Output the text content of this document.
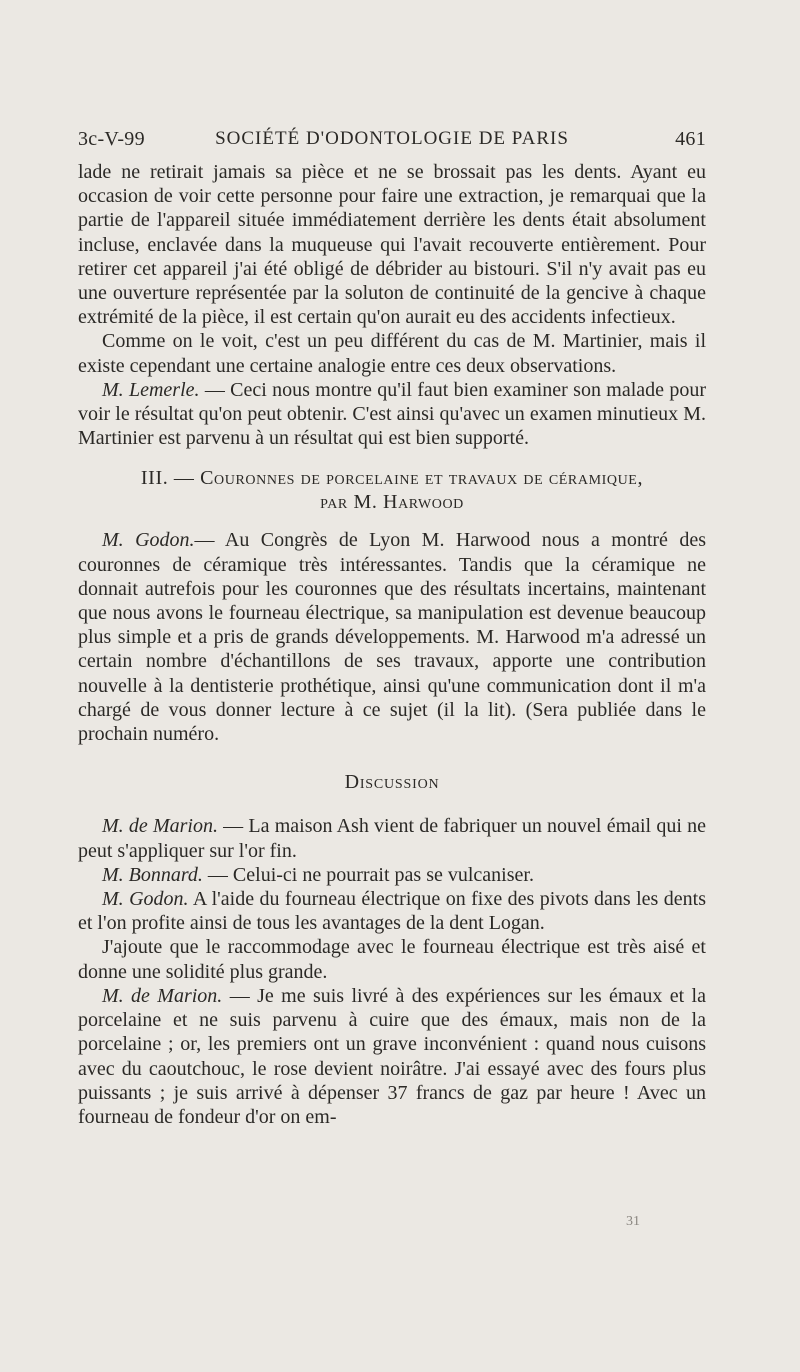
3c-V-99	SOCIÉTÉ D'ODONTOLOGIE DE PARIS	461

lade ne retirait jamais sa pièce et ne se brossait pas les dents. Ayant eu occasion de voir cette personne pour faire une extraction, je remarquai que la partie de l'appareil située immédiatement derrière les dents était absolument incluse, enclavée dans la muqueuse qui l'avait recouverte entièrement. Pour retirer cet appareil j'ai été obligé de débrider au bistouri. S'il n'y avait pas eu une ouverture représentée par la soluton de continuité de la gencive à chaque extrémité de la pièce, il est certain qu'on aurait eu des accidents infectieux.

Comme on le voit, c'est un peu différent du cas de M. Martinier, mais il existe cependant une certaine analogie entre ces deux observations.

M. Lemerle. — Ceci nous montre qu'il faut bien examiner son malade pour voir le résultat qu'on peut obtenir. C'est ainsi qu'avec un examen minutieux M. Martinier est parvenu à un résultat qui est bien supporté.

III. — Couronnes de porcelaine et travaux de céramique,
par M. Harwood

M. Godon.— Au Congrès de Lyon M. Harwood nous a montré des couronnes de céramique très intéressantes. Tandis que la céramique ne donnait autrefois pour les couronnes que des résultats incertains, maintenant que nous avons le fourneau électrique, sa manipulation est devenue beaucoup plus simple et a pris de grands développements. M. Harwood m'a adressé un certain nombre d'échantillons de ses travaux, apporte une contribution nouvelle à la dentisterie prothétique, ainsi qu'une communication dont il m'a chargé de vous donner lecture à ce sujet (il la lit). (Sera publiée dans le prochain numéro.

Discussion

M. de Marion. — La maison Ash vient de fabriquer un nouvel émail qui ne peut s'appliquer sur l'or fin.

M. Bonnard. — Celui-ci ne pourrait pas se vulcaniser.

M. Godon. A l'aide du fourneau électrique on fixe des pivots dans les dents et l'on profite ainsi de tous les avantages de la dent Logan.

J'ajoute que le raccommodage avec le fourneau électrique est très aisé et donne une solidité plus grande.

M. de Marion. — Je me suis livré à des expériences sur les émaux et la porcelaine et ne suis parvenu à cuire que des émaux, mais non de la porcelaine ; or, les premiers ont un grave inconvénient : quand nous cuisons avec du caoutchouc, le rose devient noirâtre. J'ai essayé avec des fours plus puissants ; je suis arrivé à dépenser 37 francs de gaz par heure ! Avec un fourneau de fondeur d'or on em-

31
